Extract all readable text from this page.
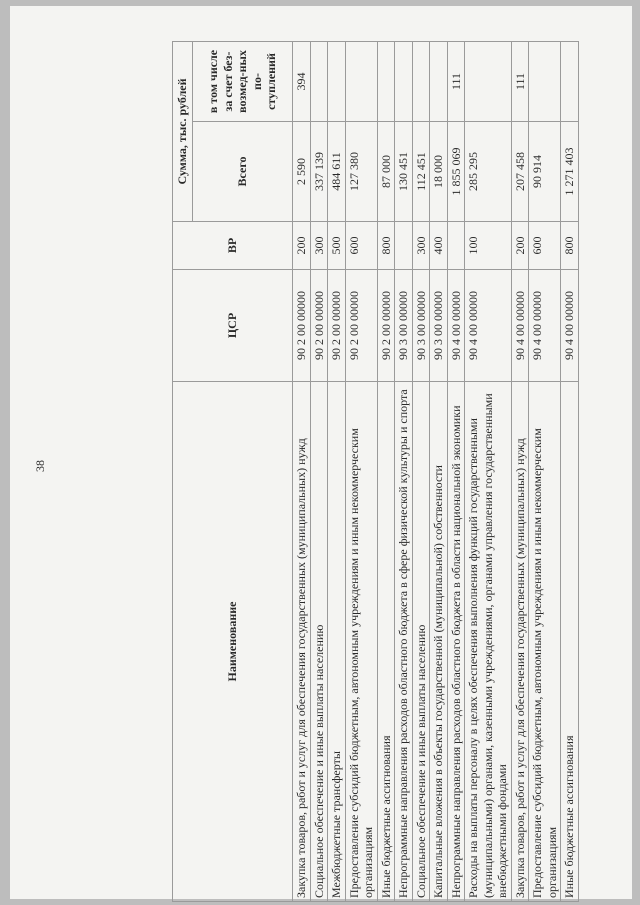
38
Наименование	ЦСР	ВР	Сумма, тыс. рублей	
			Всего	в том числе за счет без-возмед-ных по-ступлений
Закупка товаров, работ и услуг для обеспечения государственных (муниципальных) нужд	90 2 00 00000	200	2 590	394
Социальное обеспечение и иные выплаты населению	90 2 00 00000	300	337 139	
Межбюджетные трансферты	90 2 00 00000	500	484 611	
Предоставление субсидий бюджетным, автономным учреждениям и иным некоммерческим организациям	90 2 00 00000	600	127 380	
Иные бюджетные ассигнования	90 2 00 00000	800	87 000	
Непрограммные направления расходов областного бюджета в сфере физической культуры и спорта	90 3 00 00000		130 451	
Социальное обеспечение и иные выплаты населению	90 3 00 00000	300	112 451	
Капитальные вложения в объекты государственной (муниципальной) собственности	90 3 00 00000	400	18 000	
Непрограммные направления расходов областного бюджета в области национальной экономики	90 4 00 00000		1 855 069	111
Расходы на выплаты персоналу в целях обеспечения выполнения функций государственными (муниципальными) органами, казенными учреждениями, органами управления государственными внебюджетными фондами	90 4 00 00000	100	285 295	
Закупка товаров, работ и услуг для обеспечения государственных (муниципальных) нужд	90 4 00 00000	200	207 458	111
Предоставление субсидий бюджетным, автономным учреждениям и иным некоммерческим организациям	90 4 00 00000	600	90 914	
Иные бюджетные ассигнования	90 4 00 00000	800	1 271 403	
